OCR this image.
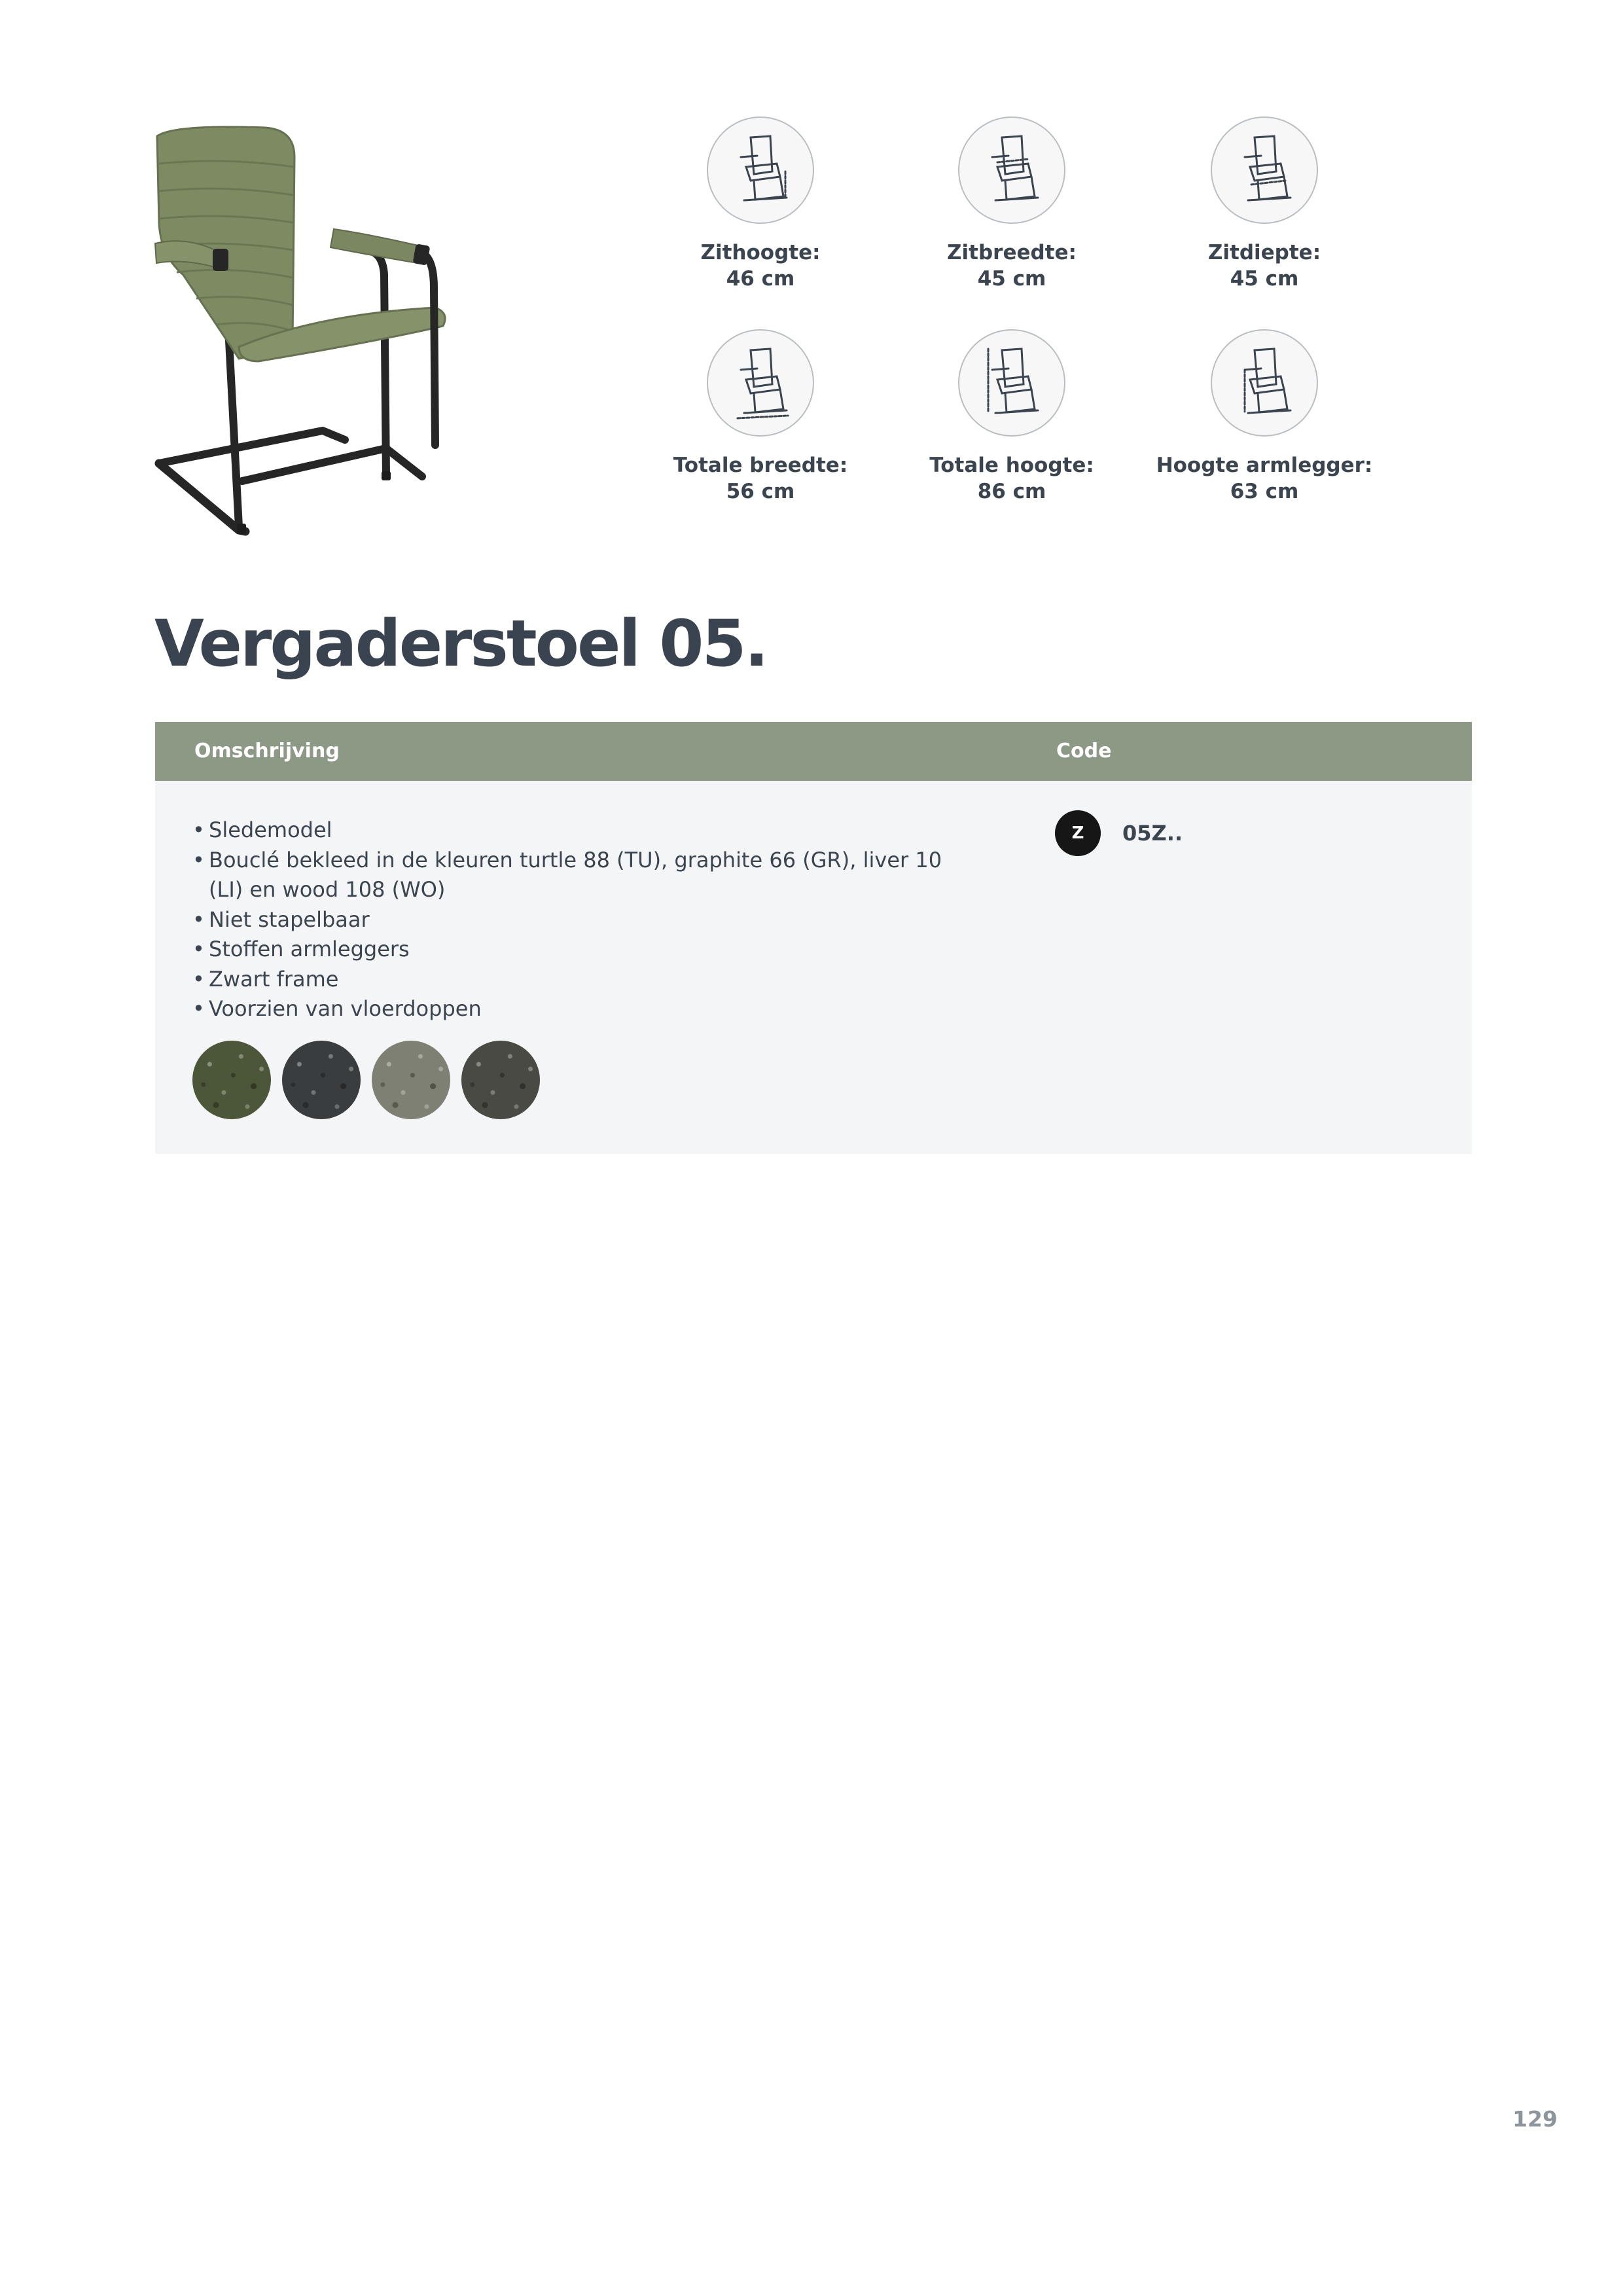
Zithoogte:
46 cm
Zitbreedte:
45 cm
Zitdiepte:
45 cm
Totale breedte:
56 cm
Totale hoogte:
86 cm
Hoogte armlegger:
63 cm
Vergaderstoel 05.
Omschrijving	Code
• Sledemodel
• Bouclé bekleed in de kleuren turtle 88 (TU), graphite 66 (GR), liver 10 (LI) en wood 108 (WO)
• Niet stapelbaar
• Stoffen armleggers
• Zwart frame
• Voorzien van vloerdoppen
Z	05Z..
129
